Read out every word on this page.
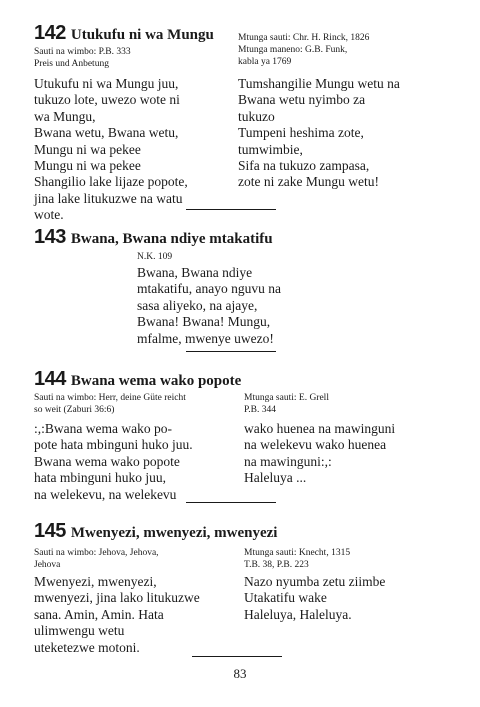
142 Utukufu ni wa Mungu
Sauti na wimbo: P.B. 333
Preis und Anbetung
Mtunga sauti: Chr. H. Rinck, 1826
Mtunga maneno: G.B. Funk,
kabla ya 1769
Utukufu ni wa Mungu juu,
tukuzo lote, uwezo wote ni
wa Mungu,
Bwana wetu, Bwana wetu,
Mungu ni wa pekee
Mungu ni wa pekee
Shangilio lake lijaze popote,
jina lake litukuzwe na watu
wote.
Tumshangilie Mungu wetu na
Bwana wetu nyimbo za
tukuzo
Tumpeni heshima zote,
tumwimbie,
Sifa na tukuzo zampasa,
zote ni zake Mungu wetu!
143 Bwana, Bwana ndiye mtakatifu
N.K. 109
Bwana, Bwana ndiye
mtakatifu, anayo nguvu na
sasa aliyeko, na ajaye,
Bwana! Bwana! Mungu,
mfalme, mwenye uwezo!
144 Bwana wema wako popote
Sauti na wimbo: Herr, deine Güte reicht
so weit (Zaburi 36:6)
Mtunga sauti: E. Grell
P.B. 344
:,:Bwana wema wako po-
pote hata mbinguni huko juu.
Bwana wema wako popote
hata mbinguni huko juu,
na welekevu, na welekevu
wako huenea na mawinguni
na welekevu wako huenea
na mawinguni:,:
Haleluya ...
145 Mwenyezi, mwenyezi, mwenyezi
Sauti na wimbo: Jehova, Jehova,
Jehova
Mtunga sauti: Knecht, 1315
T.B. 38, P.B. 223
Mwenyezi, mwenyezi,
mwenyezi, jina lako litukuzwe
sana. Amin, Amin. Hata
ulimwengu wetu
uteketezwe motoni.
Nazo nyumba zetu ziimbe
Utakatifu wake
Haleluya, Haleluya.
83
